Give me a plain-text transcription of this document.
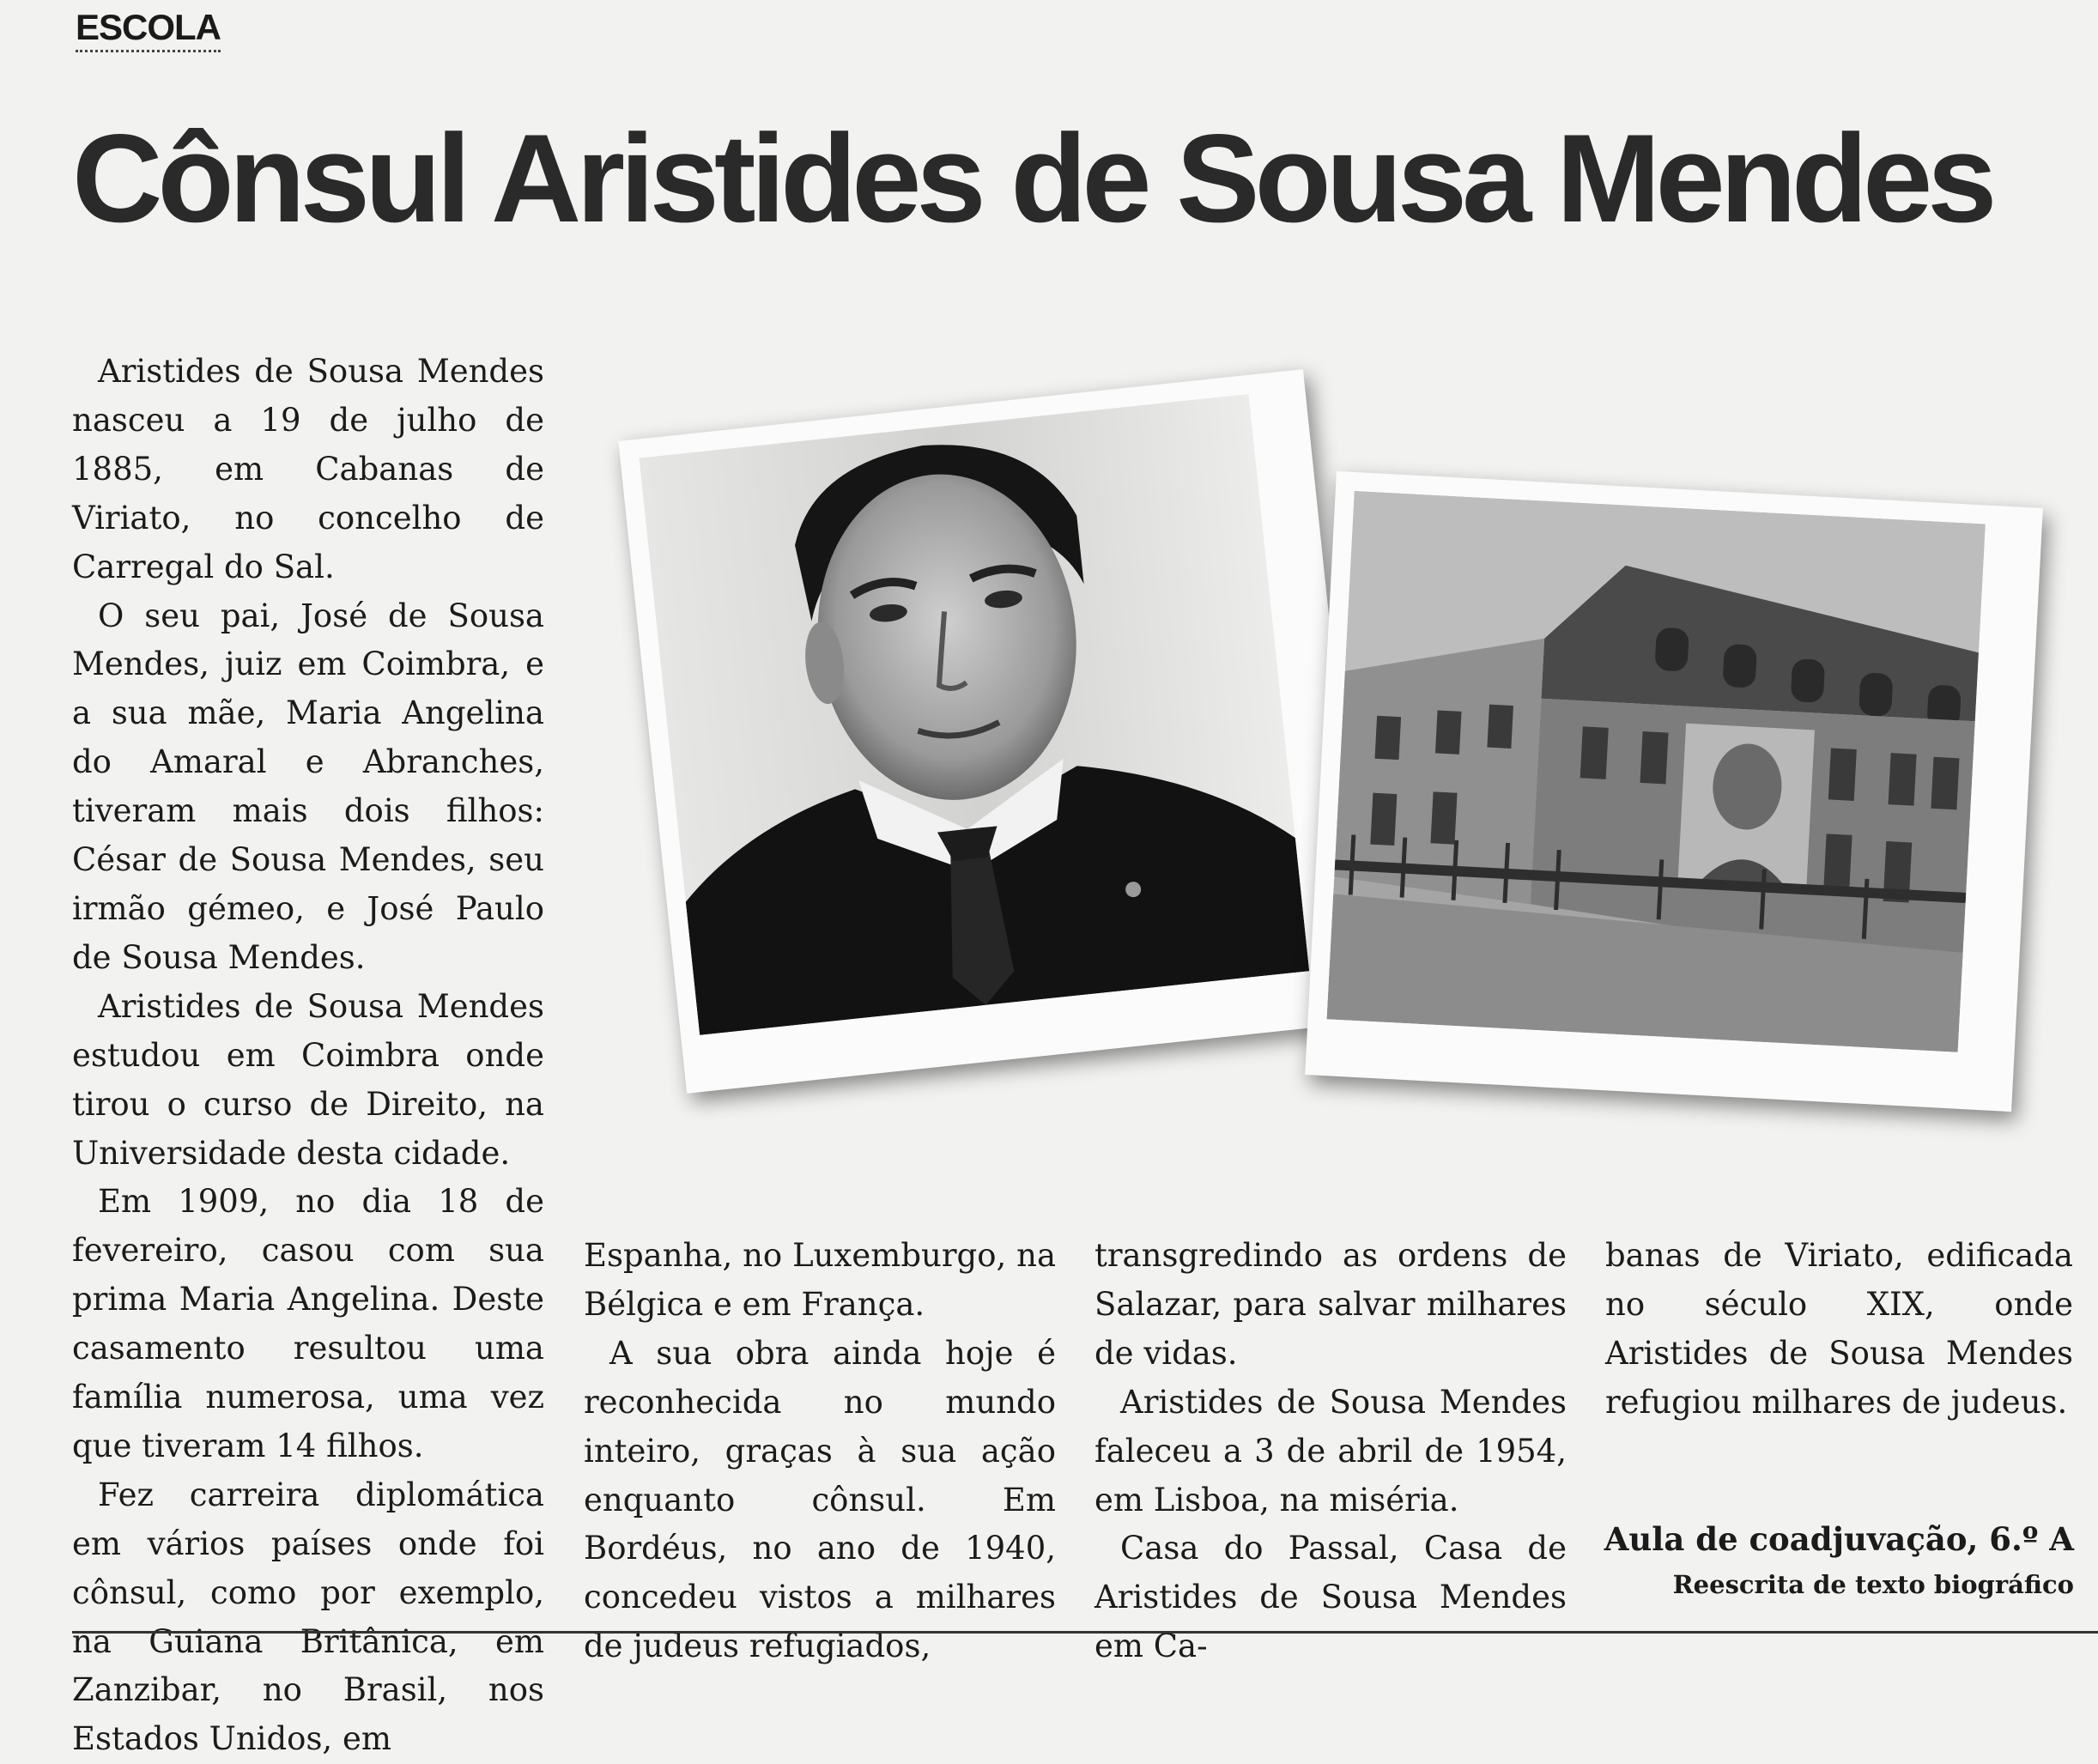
ESCOLA
Cônsul Aristides de Sousa Mendes

Aristides de Sousa Mendes nasceu a 19 de julho de 1885, em Cabanas de Viriato, no concelho de Carregal do Sal.

O seu pai, José de Sousa Mendes, juiz em Coimbra, e a sua mãe, Maria Angelina do Amaral e Abranches, tiveram mais dois filhos: César de Sousa Mendes, seu irmão gémeo, e José Paulo de Sousa Mendes.

Aristides de Sousa Mendes estudou em Coimbra onde tirou o curso de Direito, na Universidade desta cidade.

Em 1909, no dia 18 de fevereiro, casou com sua prima Maria Angelina. Deste casamento resultou uma família numerosa, uma vez que tiveram 14 filhos.

Fez carreira diplomática em vários países onde foi cônsul, como por exemplo, na Guiana Britânica, em Zanzibar, no Brasil, nos Estados Unidos, em

Espanha, no Luxemburgo, na Bélgica e em França.

A sua obra ainda hoje é reconhecida no mundo inteiro, graças à sua ação enquanto cônsul. Em Bordéus, no ano de 1940, concedeu vistos a milhares de judeus refugiados,

transgredindo as ordens de Salazar, para salvar milhares de vidas.

Aristides de Sousa Mendes faleceu a 3 de abril de 1954, em Lisboa, na miséria.

Casa do Passal, Casa de Aristides de Sousa Mendes em Ca-

banas de Viriato, edificada no século XIX, onde Aristides de Sousa Mendes refugiou milhares de judeus.

Aula de coadjuvação, 6.º A
Reescrita de texto biográfico
